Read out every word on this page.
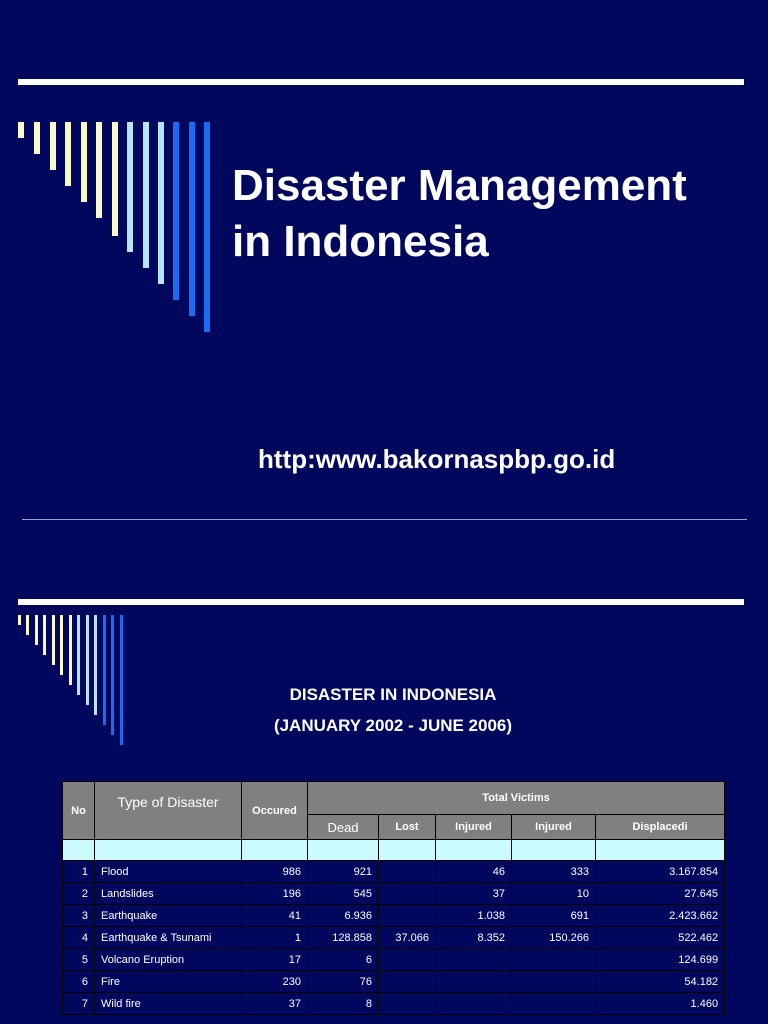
Disaster Management
in Indonesia
http:www.bakornaspbp.go.id
DISASTER IN INDONESIA
(JANUARY 2002 - JUNE 2006)
No	Type of Disaster	Occured	Total Victims				
			Dead	Lost	Injured	Injured	Displacedi

1	Flood	986	921		46	333	3.167.854
2	Landslides	196	545		37	10	27.645
3	Earthquake	41	6.936		1.038	691	2.423.662
4	Earthquake & Tsunami	1	128.858	37.066	8.352	150.266	522.462
5	Volcano Eruption	17	6				124.699
6	Fire	230	76				54.182
7	Wild fire	37	8				1.460
